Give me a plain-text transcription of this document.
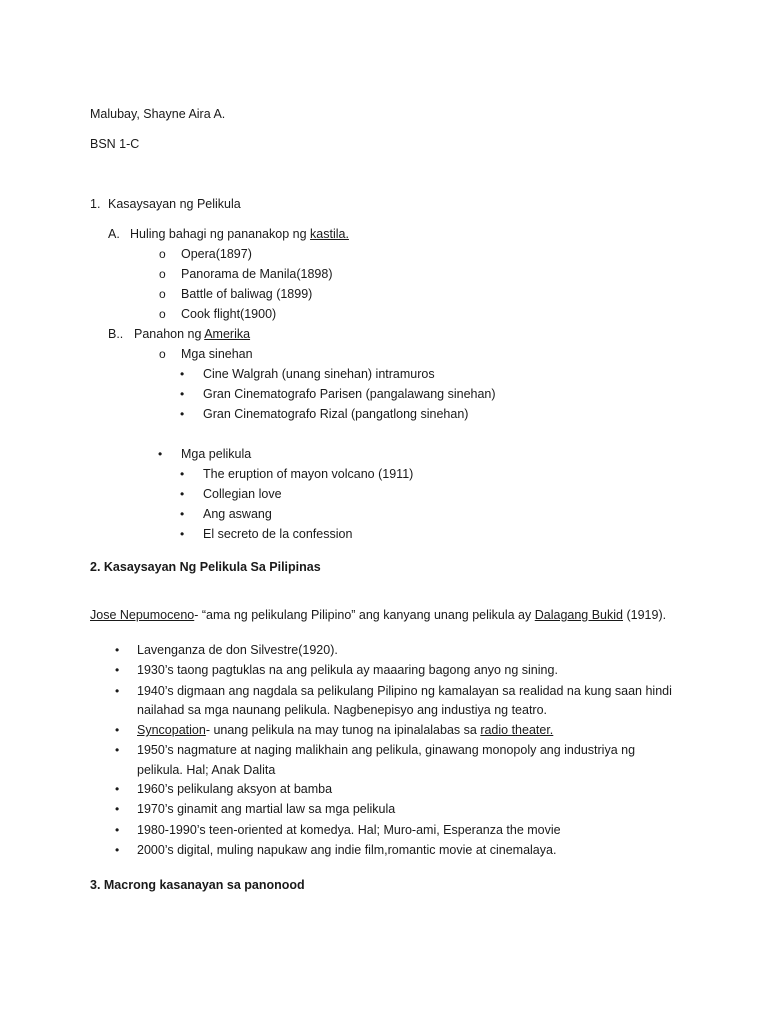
Malubay, Shayne Aira A.
BSN 1-C
1. Kasaysayan ng Pelikula
A. Huling bahagi ng pananakop ng kastila.
o Opera(1897)
o Panorama de Manila(1898)
o Battle of baliwag (1899)
o Cook flight(1900)
B.. Panahon ng Amerika
o Mga sinehan
• Cine Walgrah (unang sinehan) intramuros
• Gran Cinematografo Parisen (pangalawang sinehan)
• Gran Cinematografo Rizal (pangatlong sinehan)
• Mga pelikula
• The eruption of mayon volcano (1911)
• Collegian love
• Ang aswang
• El secreto de la confession
2. Kasaysayan Ng Pelikula Sa Pilipinas
Jose Nepumoceno- “ama ng pelikulang Pilipino” ang kanyang unang pelikula ay Dalagang Bukid (1919).
• Lavenganza de don Silvestre(1920).
• 1930’s taong pagtuklas na ang pelikula ay maaaring bagong anyo ng sining.
• 1940’s digmaan ang nagdala sa pelikulang Pilipino ng kamalayan sa realidad na kung saan hindi
nailahad sa mga naunang pelikula. Nagbenepisyo ang industiya ng teatro.
• Syncopation- unang pelikula na may tunog na ipinalalabas sa radio theater.
• 1950’s nagmature at naging malikhain ang pelikula, ginawang monopoly ang industriya ng
pelikula. Hal; Anak Dalita
• 1960’s pelikulang aksyon at bamba
• 1970’s ginamit ang martial law sa mga pelikula
• 1980-1990’s teen-oriented at komedya. Hal; Muro-ami, Esperanza the movie
• 2000’s digital, muling napukaw ang indie film,romantic movie at cinemalaya.
3. Macrong kasanayan sa panonood
